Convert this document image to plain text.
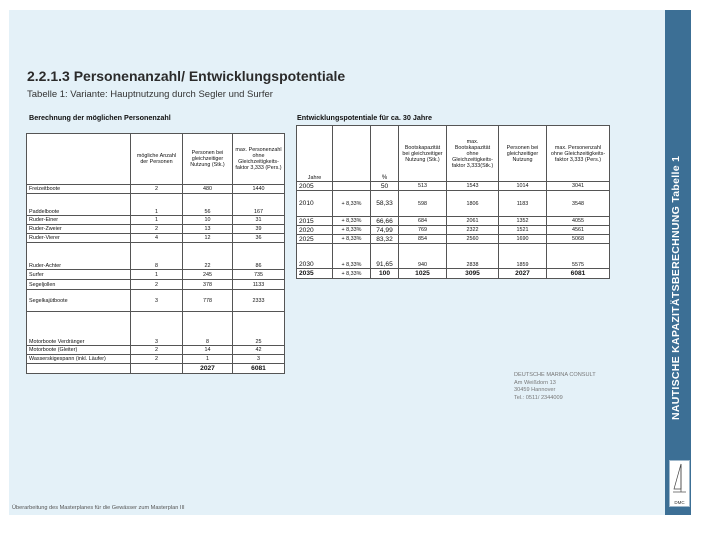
NAUTISCHE KAPAZITÄTSBERECHNUNG Tabelle 1
DMC
2.2.1.3 Personenanzahl/ Entwicklungspotentiale
Tabelle 1: Variante: Hauptnutzung durch Segler und Surfer
Berechnung der möglichen Personenzahl	Entwicklungspotentiale für ca. 30 Jahre
	mögliche Anzahl der Personen	Personen bei gleichzeitiger Nutzung (Stk.)	max. Personenzahl ohne Gleichzeitigkeits-faktor 3,333 (Pers.)
Freizeitboote	2	480	1440
Paddelboote	1	56	167
Ruder-Einer	1	10	31
Ruder-Zweier	2	13	39
Ruder-Vierer	4	12	36
Ruder-Achter	8	22	86
Surfer	1	245	735
Segeljollen	2	378	1133
Segelkajütboote	3	778	2333
Motorboote Verdränger	3	8	25
Motorboote (Gleiter)	2	14	42
Wasserskigespann (inkl. Läufer)	2	1	3
		2027	6081
Jahre		%	Bootskapazität bei gleichzeitiger Nutzung (Stk.)	max. Bootskapazität ohne Gleichzeitigkeits-faktor 3,333(Stk.)	Personen bei gleichzeitiger Nutzung	max. Personenzahl ohne Gleichzeitigkeits-faktor 3,333 (Pers.)
2005		50	513	1543	1014	3041
2010	+ 8,33%	58,33	598	1806	1183	3548
2015	+ 8,33%	66,66	684	2061	1352	4055
2020	+ 8,33%	74,99	769	2322	1521	4561
2025	+ 8,33%	83,32	854	2560	1690	5068
2030	+ 8,33%	91,65	940	2838	1859	5575
2035	+ 8,33%	100	1025	3095	2027	6081
DEUTSCHE MARINA CONSULT
Am Weißdorn 13
30459 Hannover
Tel.: 0511/ 2344009
Überarbeitung des Masterplanes für die Gewässer zum Masterplan III
